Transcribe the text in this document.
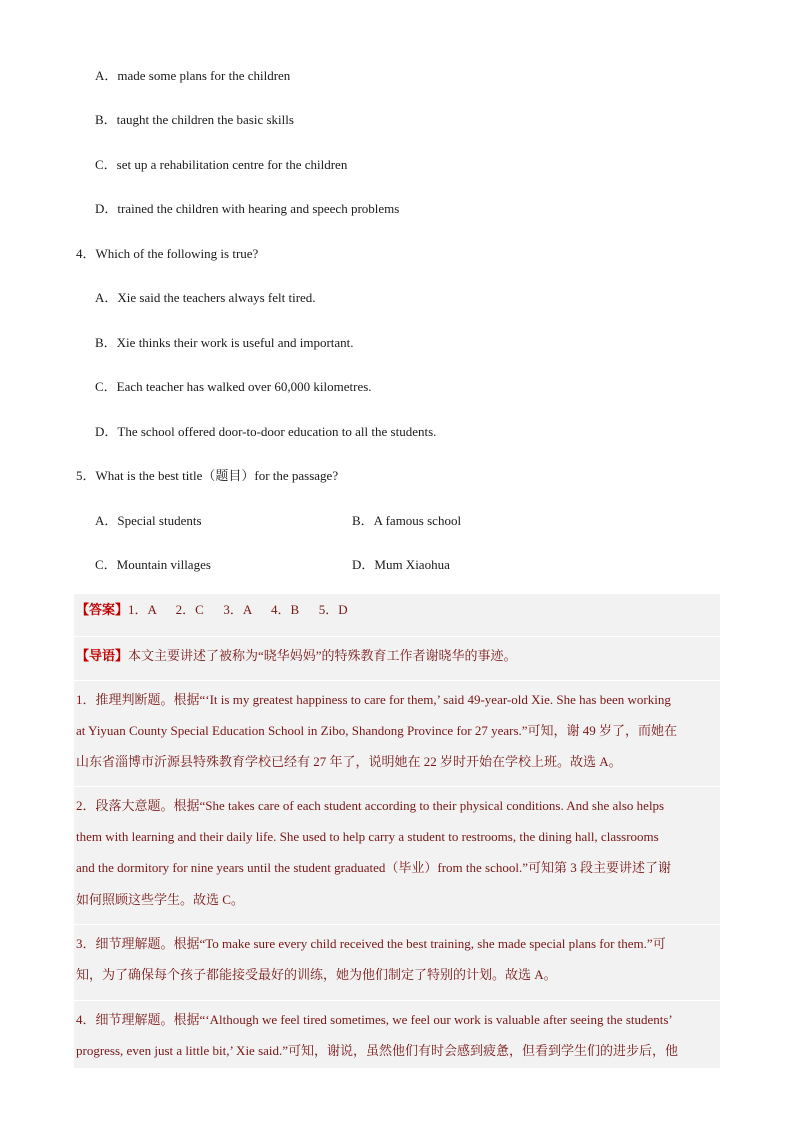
A．made some plans for the children
B．taught the children the basic skills
C．set up a rehabilitation centre for the children
D．trained the children with hearing and speech problems
4．Which of the following is true?
A．Xie said the teachers always felt tired.
B．Xie thinks their work is useful and important.
C．Each teacher has walked over 60,000 kilometres.
D．The school offered door-to-door education to all the students.
5．What is the best title（题目）for the passage?
A．Special students	B．A famous school
C．Mountain villages	D．Mum Xiaohua
【答案】1．A      2．C      3．A      4．B      5．D
【导语】本文主要讲述了被称为“晓华妈妈”的特殊教育工作者谢晓华的事迹。
1．推理判断题。根据“‘It is my greatest happiness to care for them,’ said 49-year-old Xie. She has been working
at Yiyuan County Special Education School in Zibo, Shandong Province for 27 years.”可知，谢 49 岁了，而她在
山东省淄博市沂源县特殊教育学校已经有 27 年了，说明她在 22 岁时开始在学校上班。故选 A。
2．段落大意题。根据“She takes care of each student according to their physical conditions. And she also helps
them with learning and their daily life. She used to help carry a student to restrooms, the dining hall, classrooms
and the dormitory for nine years until the student graduated（毕业）from the school.”可知第 3 段主要讲述了谢
如何照顾这些学生。故选 C。
3．细节理解题。根据“To make sure every child received the best training, she made special plans for them.”可
知，为了确保每个孩子都能接受最好的训练，她为他们制定了特别的计划。故选 A。
4．细节理解题。根据“‘Although we feel tired sometimes, we feel our work is valuable after seeing the students’
progress, even just a little bit,’ Xie said.”可知，谢说，虽然他们有时会感到疲惫，但看到学生们的进步后，他
